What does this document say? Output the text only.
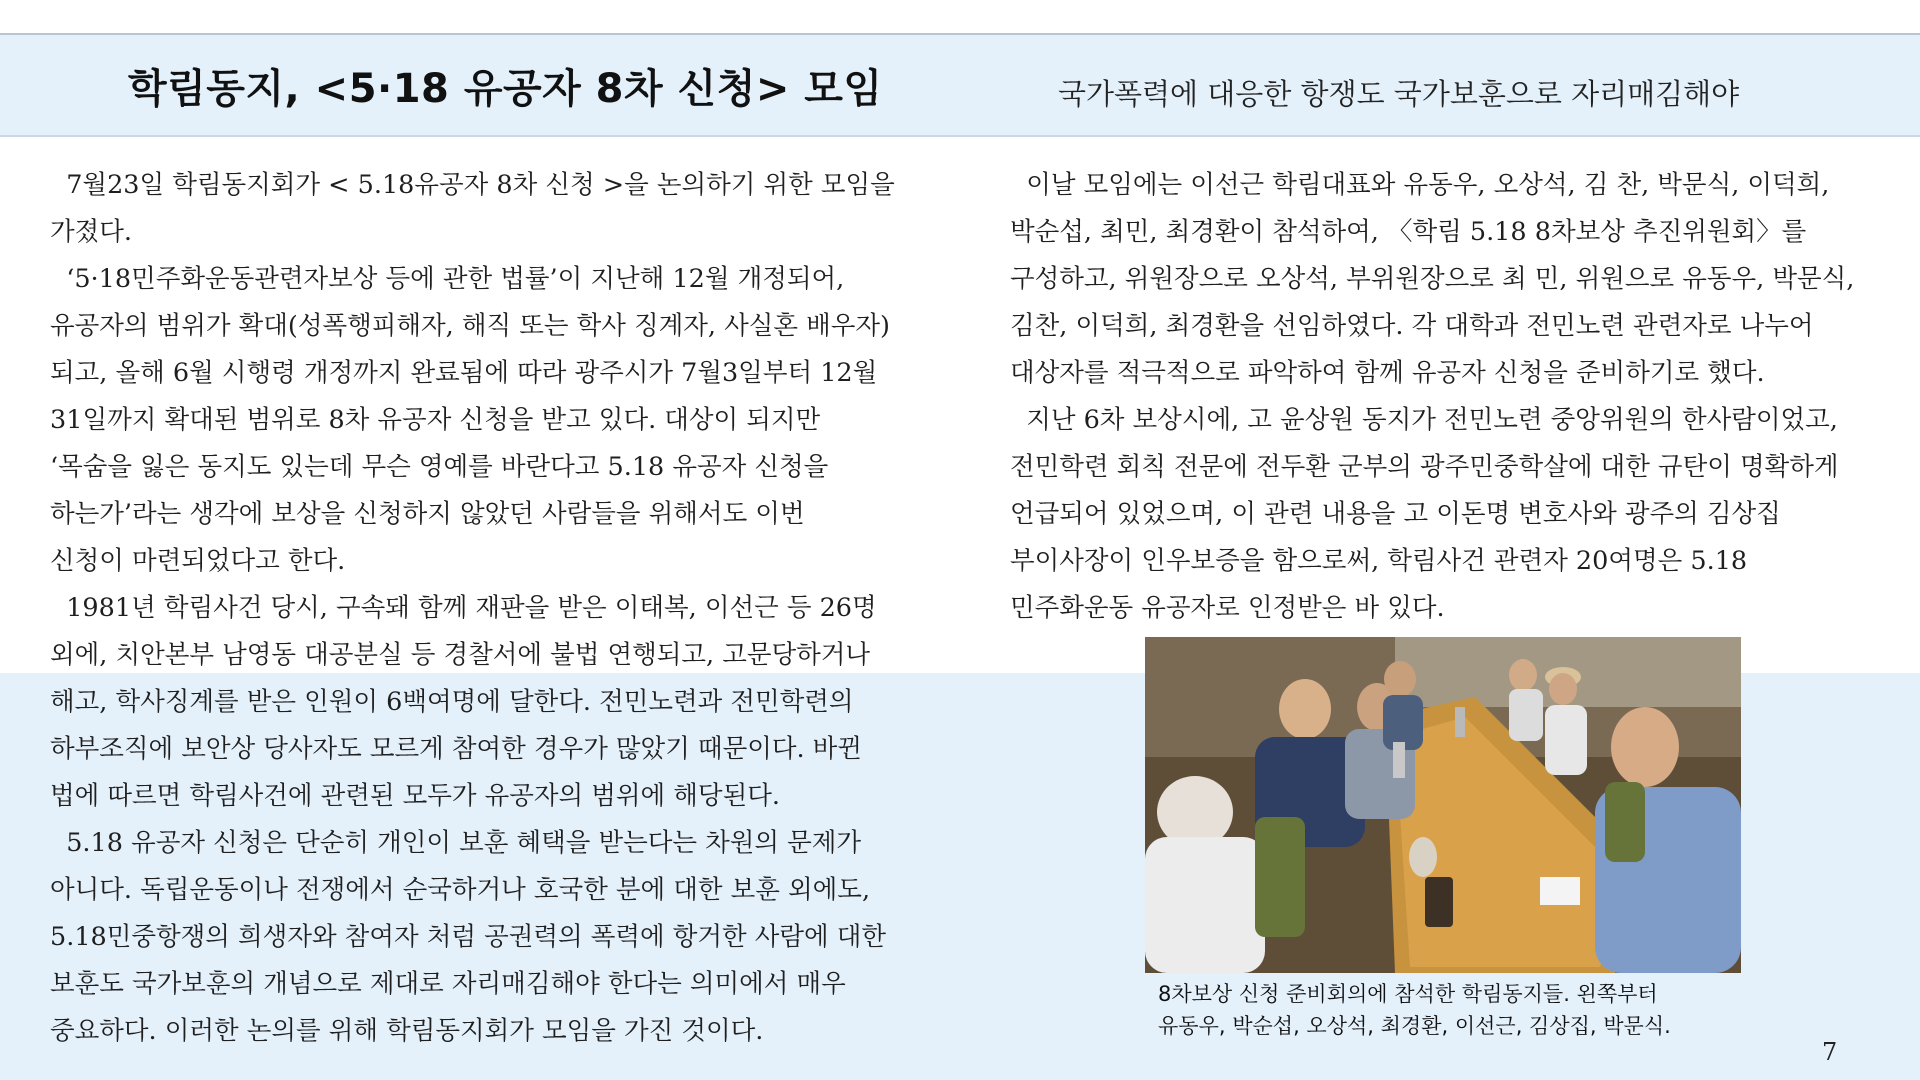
학림동지, <5·18 유공자 8차 신청> 모임	국가폭력에 대응한 항쟁도 국가보훈으로 자리매김해야

7월23일 학림동지회가 < 5.18유공자 8차 신청 >을 논의하기 위한 모임을

가졌다.

‘5·18민주화운동관련자보상 등에 관한 법률’이 지난해 12월 개정되어,

유공자의 범위가 확대(성폭행피해자, 해직 또는 학사 징계자, 사실혼 배우자)

되고, 올해 6월 시행령 개정까지 완료됨에 따라 광주시가 7월3일부터 12월

31일까지 확대된 범위로 8차 유공자 신청을 받고 있다. 대상이 되지만

‘목숨을 잃은 동지도 있는데 무슨 영예를 바란다고 5.18 유공자 신청을

하는가’라는 생각에 보상을 신청하지 않았던 사람들을 위해서도 이번

신청이 마련되었다고 한다.

1981년 학림사건 당시, 구속돼 함께 재판을 받은 이태복, 이선근 등 26명

외에, 치안본부 남영동 대공분실 등 경찰서에 불법 연행되고, 고문당하거나

해고, 학사징계를 받은 인원이 6백여명에 달한다. 전민노련과 전민학련의

하부조직에 보안상 당사자도 모르게 참여한 경우가 많았기 때문이다. 바뀐

법에 따르면 학림사건에 관련된 모두가 유공자의 범위에 해당된다.

5.18 유공자 신청은 단순히 개인이 보훈 혜택을 받는다는 차원의 문제가

아니다. 독립운동이나 전쟁에서 순국하거나 호국한 분에 대한 보훈 외에도,

5.18민중항쟁의 희생자와 참여자 처럼 공권력의 폭력에 항거한 사람에 대한

보훈도 국가보훈의 개념으로 제대로 자리매김해야 한다는 의미에서 매우

중요하다. 이러한 논의를 위해 학림동지회가 모임을 가진 것이다.

이날 모임에는 이선근 학림대표와 유동우, 오상석, 김 찬, 박문식, 이덕희,

박순섭, 최민, 최경환이 참석하여, 〈학림 5.18 8차보상 추진위원회〉를

구성하고, 위원장으로 오상석, 부위원장으로 최 민, 위원으로 유동우, 박문식,

김찬, 이덕희, 최경환을 선임하였다. 각 대학과 전민노련 관련자로 나누어

대상자를 적극적으로 파악하여 함께 유공자 신청을 준비하기로 했다.

지난 6차 보상시에, 고 윤상원 동지가 전민노련 중앙위원의 한사람이었고,

전민학련 회칙 전문에 전두환 군부의 광주민중학살에 대한 규탄이 명확하게

언급되어 있었으며, 이 관련 내용을 고 이돈명 변호사와 광주의 김상집

부이사장이 인우보증을 함으로써, 학림사건 관련자 20여명은 5.18

민주화운동 유공자로 인정받은 바 있다.

8차보상 신청 준비회의에 참석한 학림동지들. 왼쪽부터

유동우, 박순섭, 오상석, 최경환, 이선근, 김상집, 박문식.

7
